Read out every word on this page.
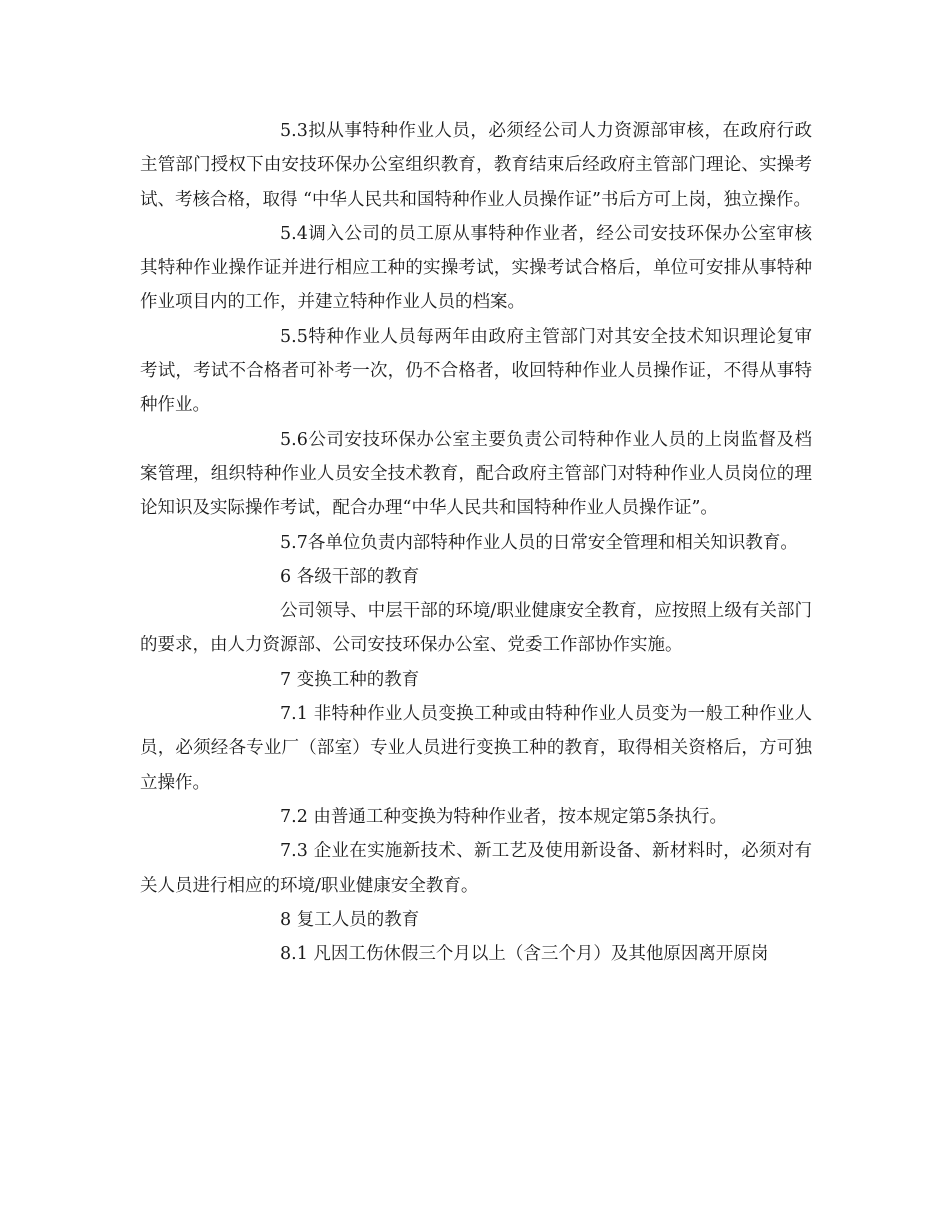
5.3拟从事特种作业人员，必须经公司人力资源部审核，在政府行政主管部门授权下由安技环保办公室组织教育，教育结束后经政府主管部门理论、实操考试、考核合格，取得 “中华人民共和国特种作业人员操作证”书后方可上岗，独立操作。

5.4调入公司的员工原从事特种作业者，经公司安技环保办公室审核其特种作业操作证并进行相应工种的实操考试，实操考试合格后，单位可安排从事特种作业项目内的工作，并建立特种作业人员的档案。

5.5特种作业人员每两年由政府主管部门对其安全技术知识理论复审考试，考试不合格者可补考一次，仍不合格者，收回特种作业人员操作证，不得从事特种作业。

5.6公司安技环保办公室主要负责公司特种作业人员的上岗监督及档案管理，组织特种作业人员安全技术教育，配合政府主管部门对特种作业人员岗位的理论知识及实际操作考试，配合办理“中华人民共和国特种作业人员操作证”。

5.7各单位负责内部特种作业人员的日常安全管理和相关知识教育。

6 各级干部的教育

公司领导、中层干部的环境/职业健康安全教育，应按照上级有关部门的要求，由人力资源部、公司安技环保办公室、党委工作部协作实施。

7 变换工种的教育

7.1 非特种作业人员变换工种或由特种作业人员变为一般工种作业人员，必须经各专业厂（部室）专业人员进行变换工种的教育，取得相关资格后，方可独立操作。

7.2 由普通工种变换为特种作业者，按本规定第5条执行。

7.3 企业在实施新技术、新工艺及使用新设备、新材料时，必须对有关人员进行相应的环境/职业健康安全教育。

8 复工人员的教育

8.1 凡因工伤休假三个月以上（含三个月）及其他原因离开原岗
